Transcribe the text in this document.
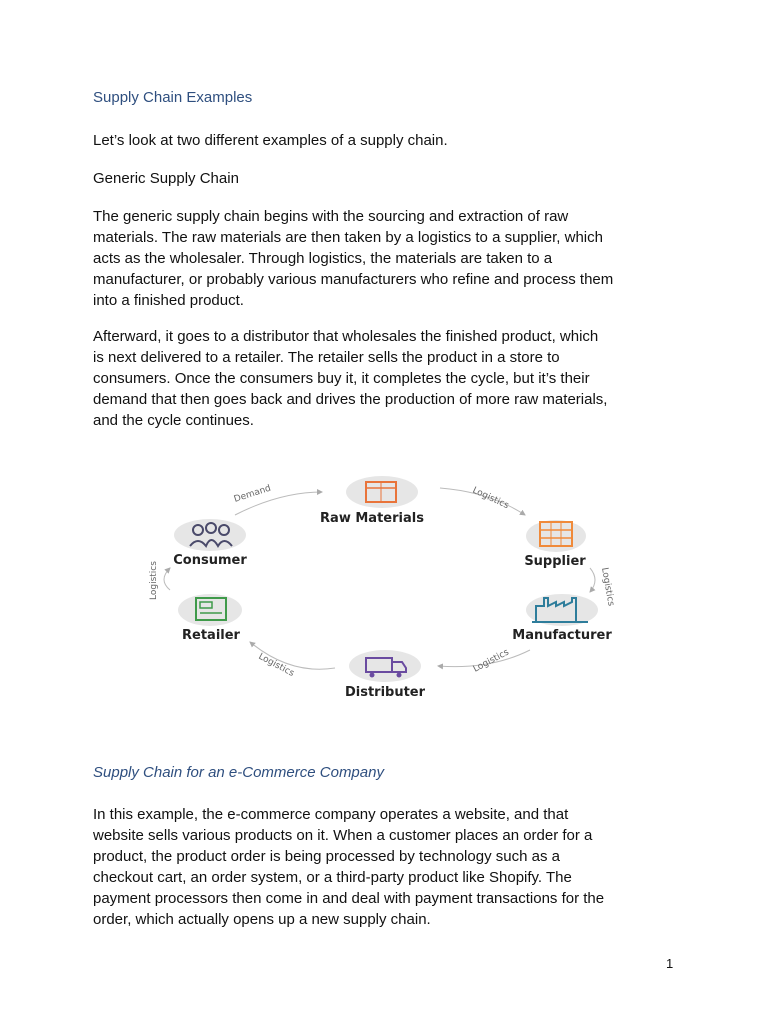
Supply Chain Examples

Let’s look at two different examples of a supply chain.

Generic Supply Chain

The generic supply chain begins with the sourcing and extraction of raw
materials. The raw materials are then taken by a logistics to a supplier, which
acts as the wholesaler. Through logistics, the materials are taken to a
manufacturer, or probably various manufacturers who refine and process them
into a finished product.
Afterward, it goes to a distributor that wholesales the finished product, which
is next delivered to a retailer. The retailer sells the product in a store to
consumers. Once the consumers buy it, it completes the cycle, but it’s their
demand that then goes back and drives the production of more raw materials,
and the cycle continues.
Demand	Logistics
Logistics
Logistics
Logistics
Logistics
Raw Materials
Supplier
Manufacturer
Distributer
Retailer
Consumer
Supply Chain for an e-Commerce Company
In this example, the e-commerce company operates a website, and that
website sells various products on it. When a customer places an order for a
product, the product order is being processed by technology such as a
checkout cart, an order system, or a third-party product like Shopify. The
payment processors then come in and deal with payment transactions for the
order, which actually opens up a new supply chain.
1
